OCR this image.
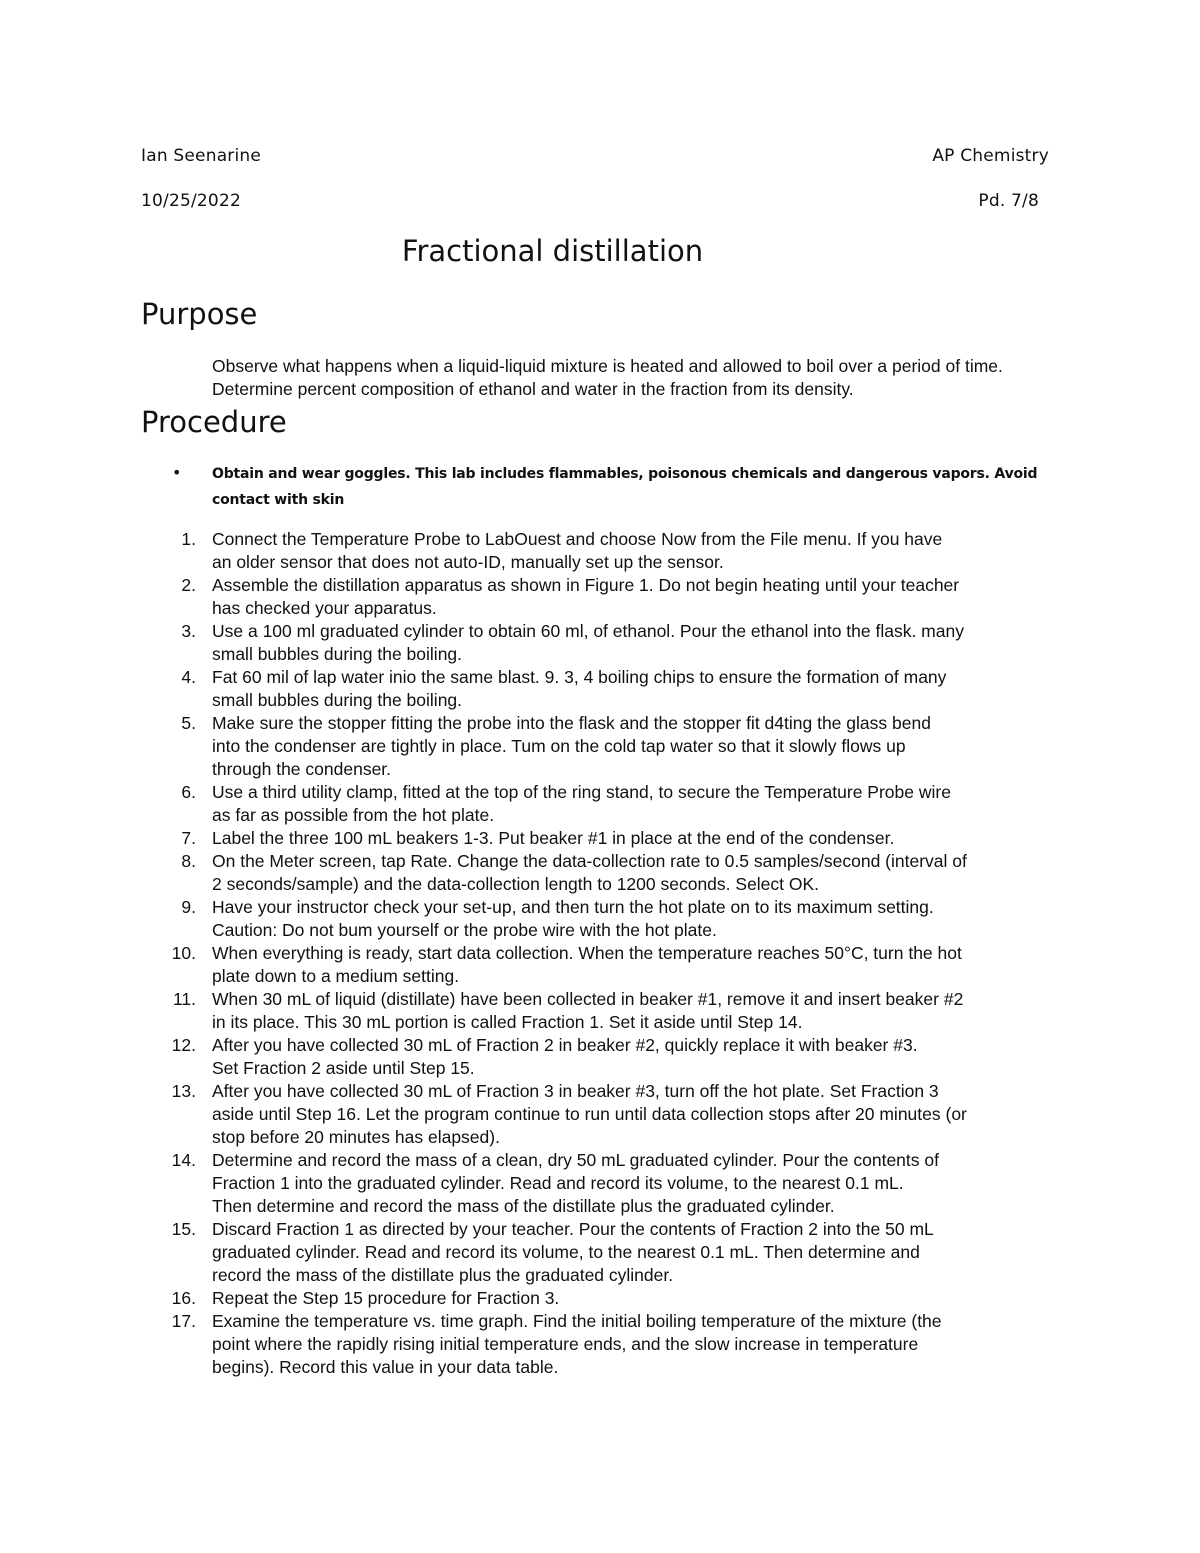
Ian Seenarine	AP Chemistry
10/25/2022	Pd. 7/8
Fractional distillation
Purpose
Observe what happens when a liquid-liquid mixture is heated and allowed to boil over a period of time. Determine percent composition of ethanol and water in the fraction from its density.
Procedure
• Obtain and wear goggles. This lab includes flammables, poisonous chemicals and dangerous vapors. Avoid
contact with skin
1. Connect the Temperature Probe to LabOuest and choose Now from the File menu. If you have
an older sensor that does not auto-ID, manually set up the sensor.
2. Assemble the distillation apparatus as shown in Figure 1. Do not begin heating until your teacher
has checked your apparatus.
3. Use a 100 ml graduated cylinder to obtain 60 ml, of ethanol. Pour the ethanol into the flask. many
small bubbles during the boiling.
4. Fat 60 mil of lap water inio the same blast. 9. 3, 4 boiling chips to ensure the formation of many
small bubbles during the boiling.
5. Make sure the stopper fitting the probe into the flask and the stopper fit d4ting the glass bend
into the condenser are tightly in place. Tum on the cold tap water so that it slowly flows up
through the condenser.
6. Use a third utility clamp, fitted at the top of the ring stand, to secure the Temperature Probe wire
as far as possible from the hot plate.
7. Label the three 100 mL beakers 1-3. Put beaker #1 in place at the end of the condenser.
8. On the Meter screen, tap Rate. Change the data-collection rate to 0.5 samples/second (interval of
2 seconds/sample) and the data-collection length to 1200 seconds. Select OK.
9. Have your instructor check your set-up, and then turn the hot plate on to its maximum setting.
Caution: Do not bum yourself or the probe wire with the hot plate.
10. When everything is ready, start data collection. When the temperature reaches 50°C, turn the hot
plate down to a medium setting.
11. When 30 mL of liquid (distillate) have been collected in beaker #1, remove it and insert beaker #2
in its place. This 30 mL portion is called Fraction 1. Set it aside until Step 14.
12. After you have collected 30 mL of Fraction 2 in beaker #2, quickly replace it with beaker #3.
Set Fraction 2 aside until Step 15.
13. After you have collected 30 mL of Fraction 3 in beaker #3, turn off the hot plate. Set Fraction 3
aside until Step 16. Let the program continue to run until data collection stops after 20 minutes (or
stop before 20 minutes has elapsed).
14. Determine and record the mass of a clean, dry 50 mL graduated cylinder. Pour the contents of
Fraction 1 into the graduated cylinder. Read and record its volume, to the nearest 0.1 mL.
Then determine and record the mass of the distillate plus the graduated cylinder.
15. Discard Fraction 1 as directed by your teacher. Pour the contents of Fraction 2 into the 50 mL
graduated cylinder. Read and record its volume, to the nearest 0.1 mL. Then determine and
record the mass of the distillate plus the graduated cylinder.
16. Repeat the Step 15 procedure for Fraction 3.
17. Examine the temperature vs. time graph. Find the initial boiling temperature of the mixture (the
point where the rapidly rising initial temperature ends, and the slow increase in temperature
begins). Record this value in your data table.
